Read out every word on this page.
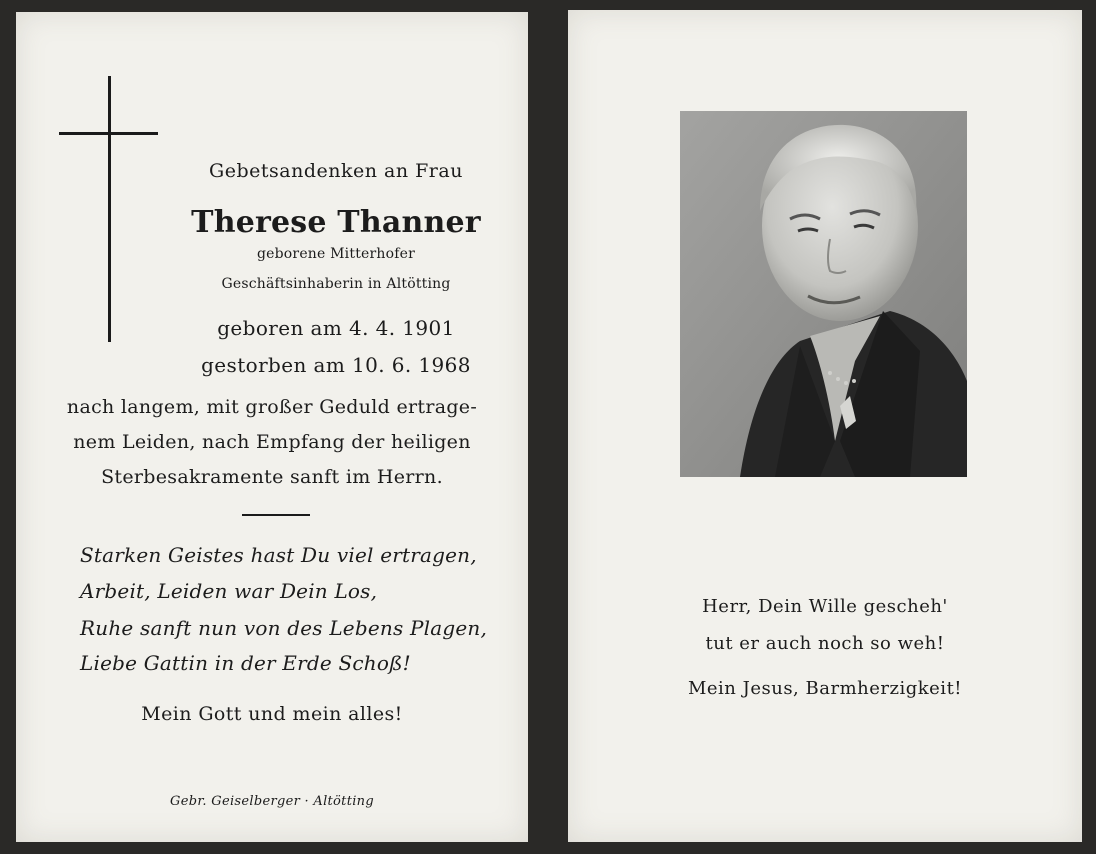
Gebetsandenken an Frau
Therese Thanner
geborene Mitterhofer
Geschäftsinhaberin in Altötting
geboren am 4. 4. 1901
gestorben am 10. 6. 1968
nach langem, mit großer Geduld ertrage-
nem Leiden, nach Empfang der heiligen
Sterbesakramente sanft im Herrn.
Starken Geistes hast Du viel ertragen,
Arbeit, Leiden war Dein Los,
Ruhe sanft nun von des Lebens Plagen,
Liebe Gattin in der Erde Schoß!
Mein Gott und mein alles!
Gebr. Geiselberger · Altötting
Herr, Dein Wille gescheh'
tut er auch noch so weh!
Mein Jesus, Barmherzigkeit!
